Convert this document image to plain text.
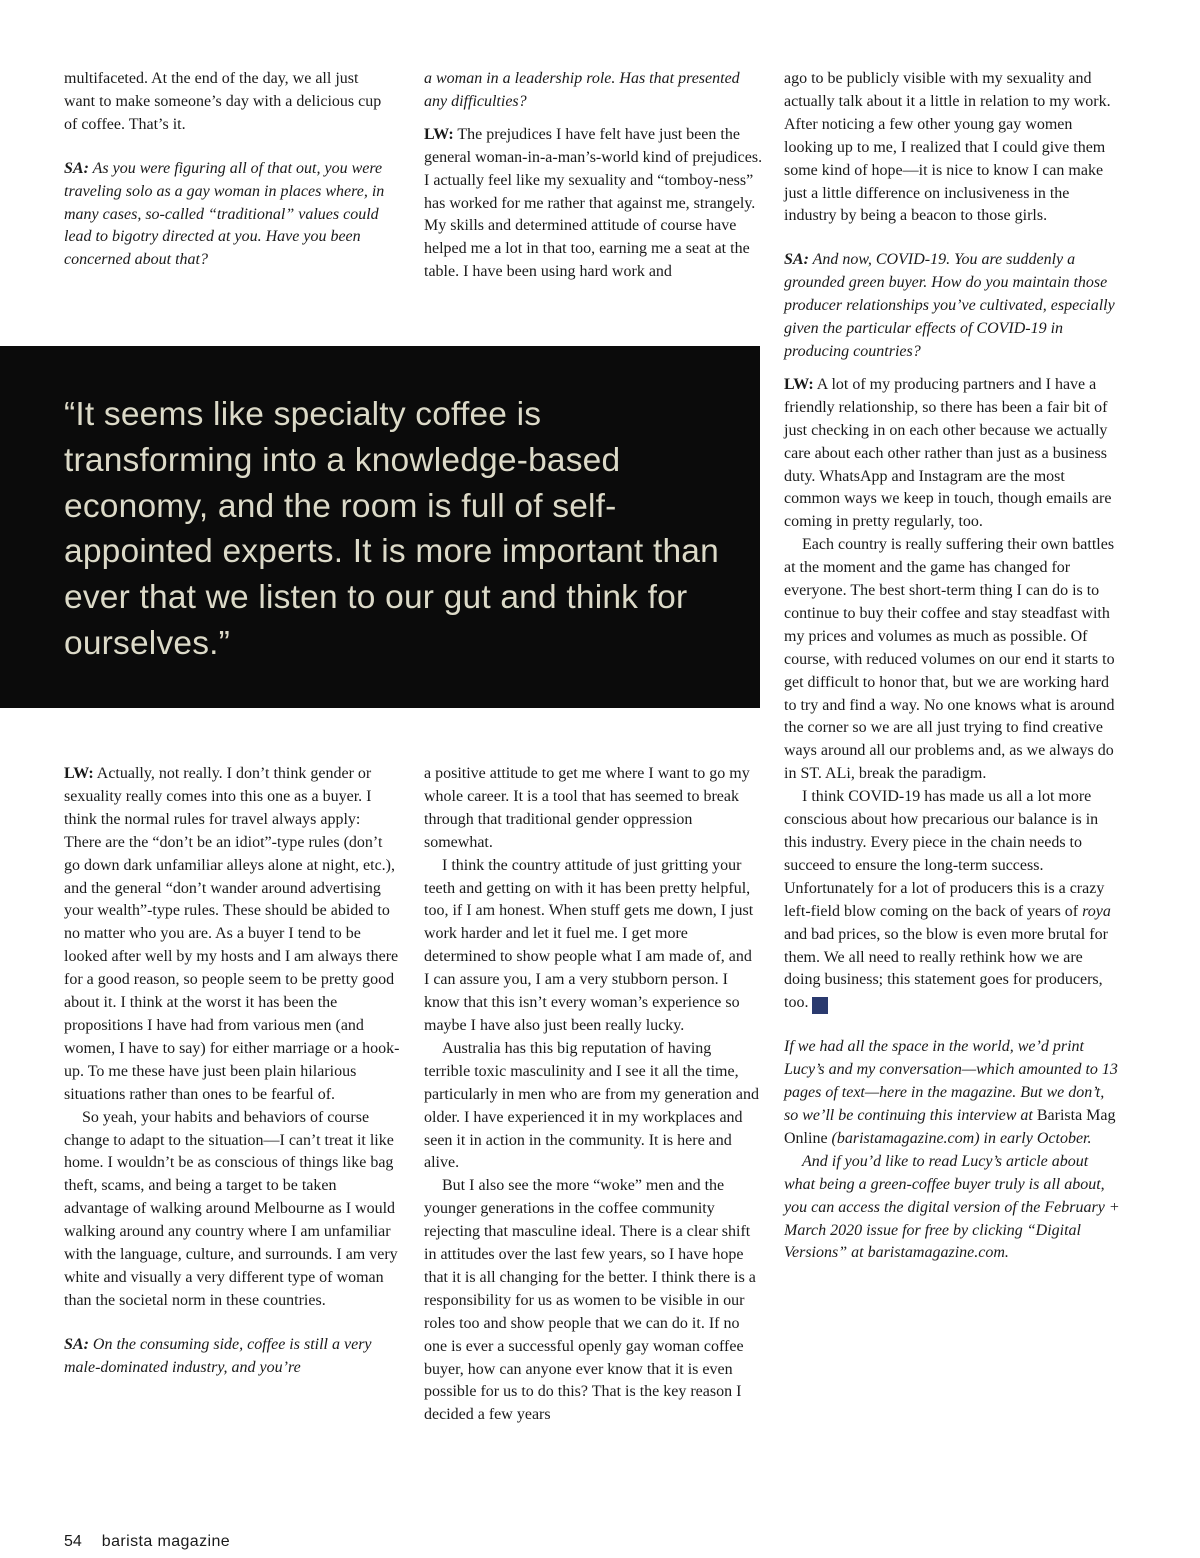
multifaceted. At the end of the day, we all just want to make someone’s day with a delicious cup of coffee. That’s it.

SA: As you were figuring all of that out, you were traveling solo as a gay woman in places where, in many cases, so-called “traditional” values could lead to bigotry directed at you. Have you been concerned about that?

a woman in a leadership role. Has that presented any difficulties?

LW: The prejudices I have felt have just been the general woman-in-a-man’s-world kind of prejudices. I actually feel like my sexuality and “tomboy-ness” has worked for me rather that against me, strangely. My skills and determined attitude of course have helped me a lot in that too, earning me a seat at the table. I have been using hard work and

“It seems like specialty coffee is transforming into a knowledge-based economy, and the room is full of self-appointed experts. It is more important than ever that we listen to our gut and think for ourselves.”

LW: Actually, not really. I don’t think gender or sexuality really comes into this one as a buyer. I think the normal rules for travel always apply: There are the “don’t be an idiot”-type rules (don’t go down dark unfamiliar alleys alone at night, etc.), and the general “don’t wander around advertising your wealth”-type rules. These should be abided to no matter who you are. As a buyer I tend to be looked after well by my hosts and I am always there for a good reason, so people seem to be pretty good about it. I think at the worst it has been the propositions I have had from various men (and women, I have to say) for either marriage or a hook-up. To me these have just been plain hilarious situations rather than ones to be fearful of.

So yeah, your habits and behaviors of course change to adapt to the situation—I can’t treat it like home. I wouldn’t be as conscious of things like bag theft, scams, and being a target to be taken advantage of walking around Melbourne as I would walking around any country where I am unfamiliar with the language, culture, and surrounds. I am very white and visually a very different type of woman than the societal norm in these countries.

SA: On the consuming side, coffee is still a very male-dominated industry, and you’re

a positive attitude to get me where I want to go my whole career. It is a tool that has seemed to break through that traditional gender oppression somewhat.

I think the country attitude of just gritting your teeth and getting on with it has been pretty helpful, too, if I am honest. When stuff gets me down, I just work harder and let it fuel me. I get more determined to show people what I am made of, and I can assure you, I am a very stubborn person. I know that this isn’t every woman’s experience so maybe I have also just been really lucky.

Australia has this big reputation of having terrible toxic masculinity and I see it all the time, particularly in men who are from my generation and older. I have experienced it in my workplaces and seen it in action in the community. It is here and alive.

But I also see the more “woke” men and the younger generations in the coffee community rejecting that masculine ideal. There is a clear shift in attitudes over the last few years, so I have hope that it is all changing for the better. I think there is a responsibility for us as women to be visible in our roles too and show people that we can do it. If no one is ever a successful openly gay woman coffee buyer, how can anyone ever know that it is even possible for us to do this? That is the key reason I decided a few years

ago to be publicly visible with my sexuality and actually talk about it a little in relation to my work. After noticing a few other young gay women looking up to me, I realized that I could give them some kind of hope—it is nice to know I can make just a little difference on inclusiveness in the industry by being a beacon to those girls.

SA: And now, COVID-19. You are suddenly a grounded green buyer. How do you maintain those producer relationships you’ve cultivated, especially given the particular effects of COVID-19 in producing countries?

LW: A lot of my producing partners and I have a friendly relationship, so there has been a fair bit of just checking in on each other because we actually care about each other rather than just as a business duty. WhatsApp and Instagram are the most common ways we keep in touch, though emails are coming in pretty regularly, too.

Each country is really suffering their own battles at the moment and the game has changed for everyone. The best short-term thing I can do is to continue to buy their coffee and stay steadfast with my prices and volumes as much as possible. Of course, with reduced volumes on our end it starts to get difficult to honor that, but we are working hard to try and find a way. No one knows what is around the corner so we are all just trying to find creative ways around all our problems and, as we always do in ST. ALi, break the paradigm.

I think COVID-19 has made us all a lot more conscious about how precarious our balance is in this industry. Every piece in the chain needs to succeed to ensure the long-term success. Unfortunately for a lot of producers this is a crazy left-field blow coming on the back of years of roya and bad prices, so the blow is even more brutal for them. We all need to really rethink how we are doing business; this statement goes for producers, too. b

If we had all the space in the world, we’d print Lucy’s and my conversation—which amounted to 13 pages of text—here in the magazine. But we don’t, so we’ll be continuing this interview at Barista Mag Online (baristamagazine.com) in early October.

And if you’d like to read Lucy’s article about what being a green-coffee buyer truly is all about, you can access the digital version of the February + March 2020 issue for free by clicking “Digital Versions” at baristamagazine.com.

54 barista magazine
